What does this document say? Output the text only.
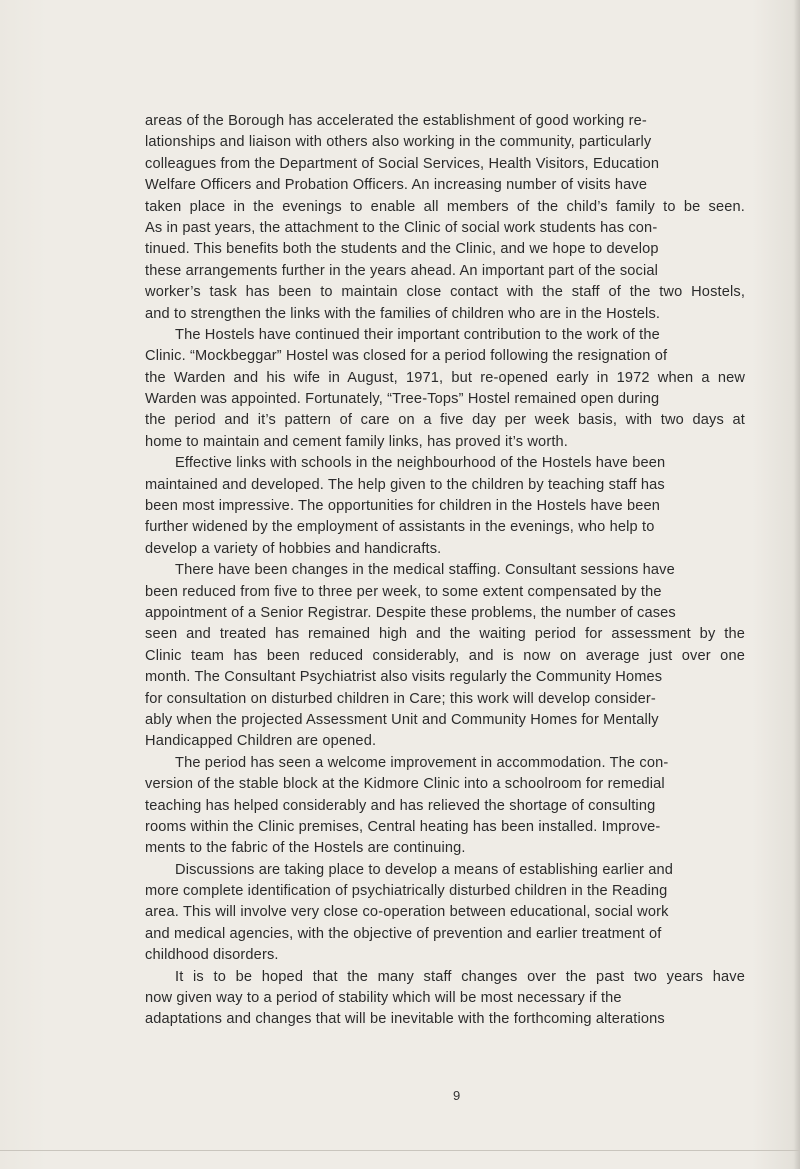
areas of the Borough has accelerated the establishment of good working re-
lationships and liaison with others also working in the community, particularly
colleagues from the Department of Social Services, Health Visitors, Education
Welfare Officers and Probation Officers. An increasing number of visits have
taken place in the evenings to enable all members of the child’s family to be seen.
As in past years, the attachment to the Clinic of social work students has con-
tinued. This benefits both the students and the Clinic, and we hope to develop
these arrangements further in the years ahead. An important part of the social
worker’s task has been to maintain close contact with the staff of the two Hostels,
and to strengthen the links with the families of children who are in the Hostels.
The Hostels have continued their important contribution to the work of the
Clinic. “Mockbeggar” Hostel was closed for a period following the resignation of
the Warden and his wife in August, 1971, but re-opened early in 1972 when a new
Warden was appointed. Fortunately, “Tree-Tops” Hostel remained open during
the period and it’s pattern of care on a five day per week basis, with two days at
home to maintain and cement family links, has proved it’s worth.
Effective links with schools in the neighbourhood of the Hostels have been
maintained and developed. The help given to the children by teaching staff has
been most impressive. The opportunities for children in the Hostels have been
further widened by the employment of assistants in the evenings, who help to
develop a variety of hobbies and handicrafts.
There have been changes in the medical staffing. Consultant sessions have
been reduced from five to three per week, to some extent compensated by the
appointment of a Senior Registrar. Despite these problems, the number of cases
seen and treated has remained high and the waiting period for assessment by the
Clinic team has been reduced considerably, and is now on average just over one
month. The Consultant Psychiatrist also visits regularly the Community Homes
for consultation on disturbed children in Care; this work will develop consider-
ably when the projected Assessment Unit and Community Homes for Mentally
Handicapped Children are opened.
The period has seen a welcome improvement in accommodation. The con-
version of the stable block at the Kidmore Clinic into a schoolroom for remedial
teaching has helped considerably and has relieved the shortage of consulting
rooms within the Clinic premises, Central heating has been installed. Improve-
ments to the fabric of the Hostels are continuing.
Discussions are taking place to develop a means of establishing earlier and
more complete identification of psychiatrically disturbed children in the Reading
area. This will involve very close co-operation between educational, social work
and medical agencies, with the objective of prevention and earlier treatment of
childhood disorders.
It is to be hoped that the many staff changes over the past two years have
now given way to a period of stability which will be most necessary if the
adaptations and changes that will be inevitable with the forthcoming alterations
9
